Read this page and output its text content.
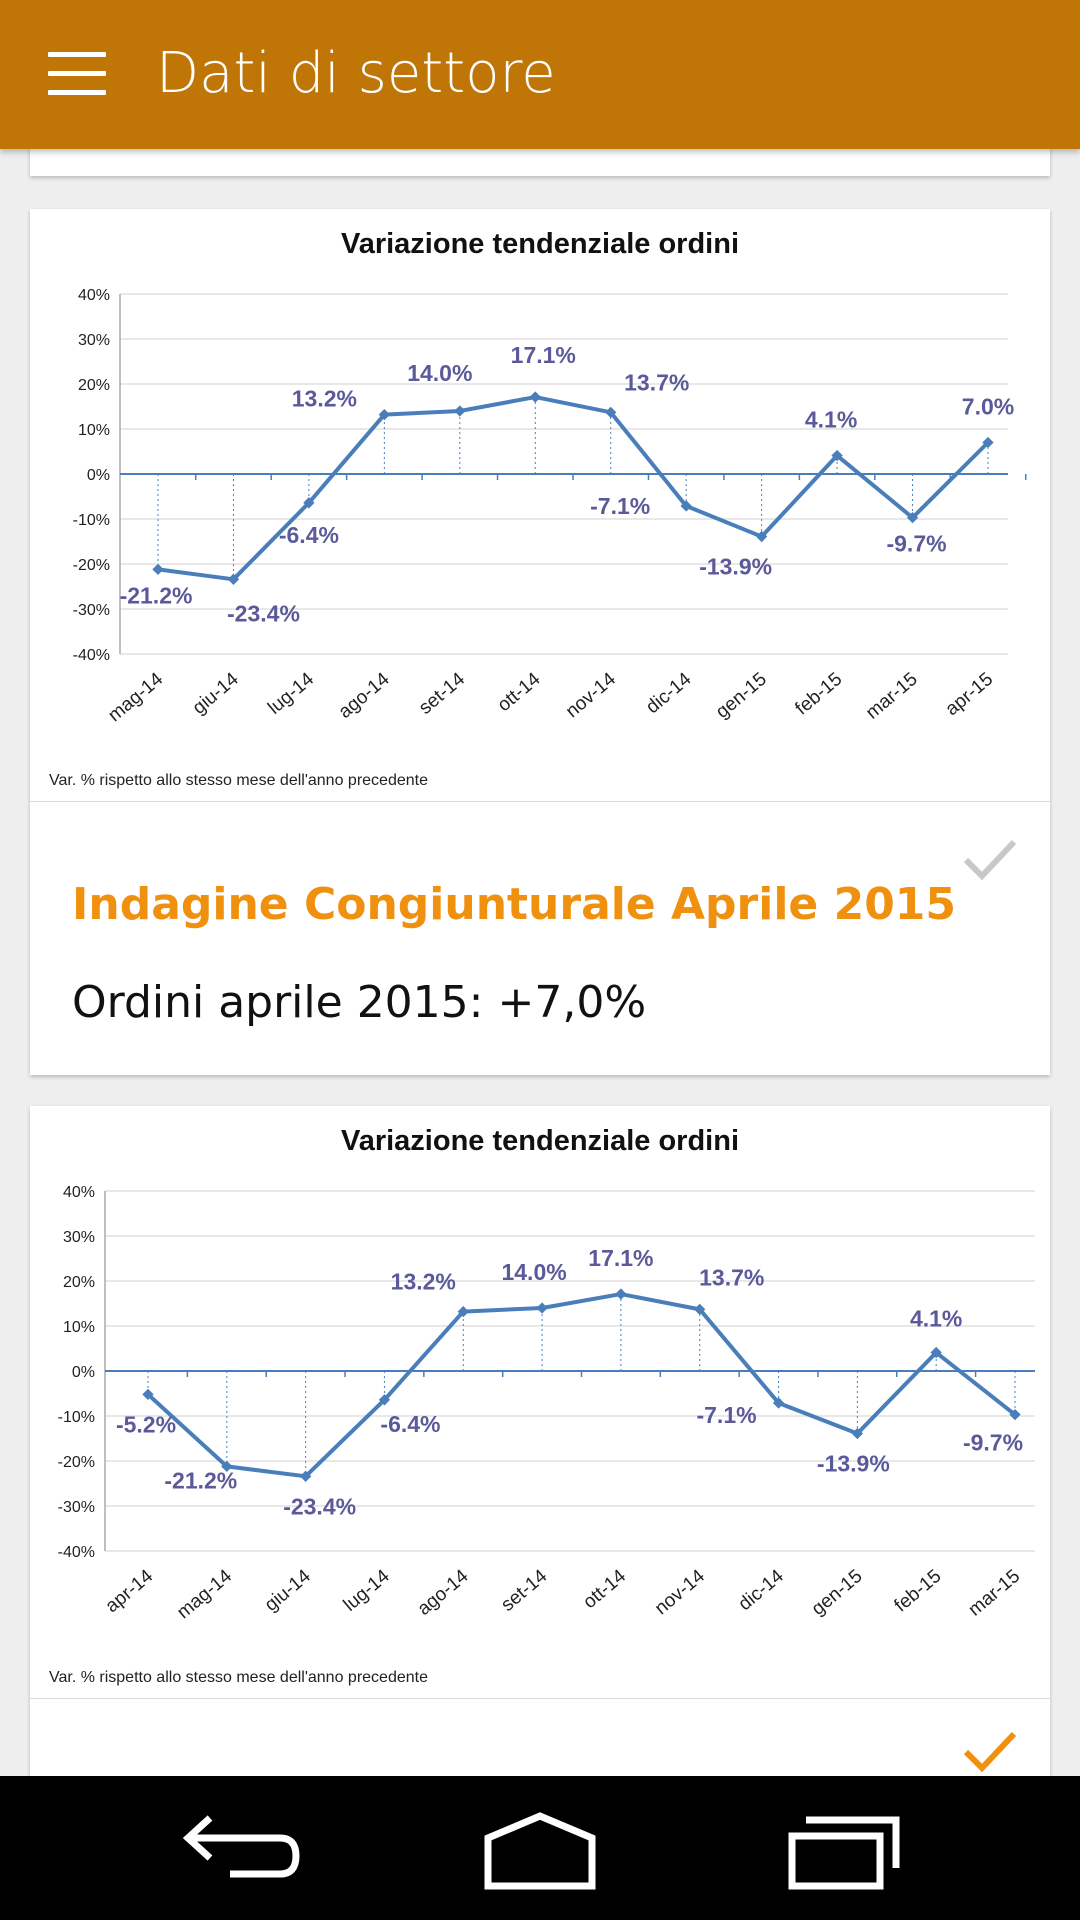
Dati di settore
Variazione tendenziale ordini
40%
30%
20%
10%
0%
-10%
-20%
-30%
-40%
-21.2%
-23.4%
-6.4%
13.2%
14.0%
17.1%
13.7%
-7.1%
-13.9%
4.1%
-9.7%
7.0%
mag-14 giu-14 lug-14 ago-14 set-14 ott-14 nov-14 dic-14 gen-15 feb-15 mar-15 apr-15
Var. % rispetto allo stesso mese dell'anno precedente
Indagine Congiunturale Aprile 2015
Ordini aprile 2015: +7,0%
Variazione tendenziale ordini
40%
30%
20%
10%
0%
-10%
-20%
-30%
-40%
-5.2%
-21.2%
-23.4%
-6.4%
13.2% 14.0%
17.1%
13.7%
-7.1%
-13.9%
4.1%
-9.7%
apr-14 mag-14 giu-14 lug-14 ago-14 set-14 ott-14 nov-14 dic-14 gen-15 feb-15 mar-15
Var. % rispetto allo stesso mese dell'anno precedente
